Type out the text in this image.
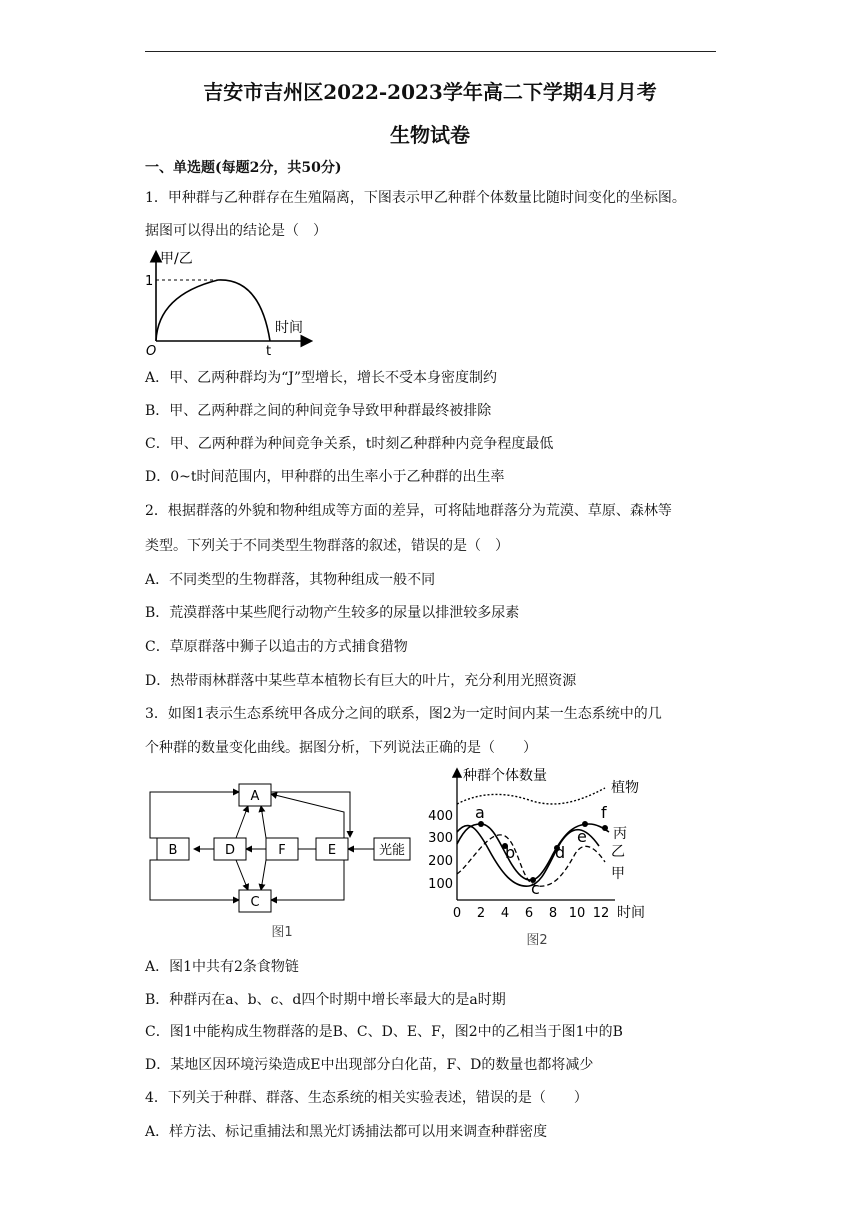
吉安市吉州区2022-2023学年高二下学期4月月考
生物试卷
一、单选题(每题2分，共50分)
1．甲种群与乙种群存在生殖隔离，下图表示甲乙种群个体数量比随时间变化的坐标图。
据图可以得出的结论是（　）
甲/乙
1
时间
O	t
A．甲、乙两种群均为“J”型增长，增长不受本身密度制约
B．甲、乙两种群之间的种间竞争导致甲种群最终被排除
C．甲、乙两种群为种间竞争关系，t时刻乙种群种内竞争程度最低
D．0~t时间范围内，甲种群的出生率小于乙种群的出生率
2．根据群落的外貌和物种组成等方面的差异，可将陆地群落分为荒漠、草原、森林等
类型。下列关于不同类型生物群落的叙述，错误的是（　）
A．不同类型的生物群落，其物种组成一般不同
B．荒漠群落中某些爬行动物产生较多的尿量以排泄较多尿素
C．草原群落中狮子以追击的方式捕食猎物
D．热带雨林群落中某些草本植物长有巨大的叶片，充分利用光照资源
3．如图1表示生态系统甲各成分之间的联系，图2为一定时间内某一生态系统中的几
个种群的数量变化曲线。据图分析，下列说法正确的是（　　）
A
B	D	F	E
C
光能
图1
100
200
300
400
0 2 4 6 8 10 12 时间
种群个体数量
图2
植物
丙
乙
甲
a
b
c
d
e
f
A．图1中共有2条食物链
B．种群丙在a、b、c、d四个时期中增长率最大的是a时期
C．图1中能构成生物群落的是B、C、D、E、F，图2中的乙相当于图1中的B
D．某地区因环境污染造成E中出现部分白化苗，F、D的数量也都将减少
4．下列关于种群、群落、生态系统的相关实验表述，错误的是（　　）
A．样方法、标记重捕法和黑光灯诱捕法都可以用来调查种群密度
